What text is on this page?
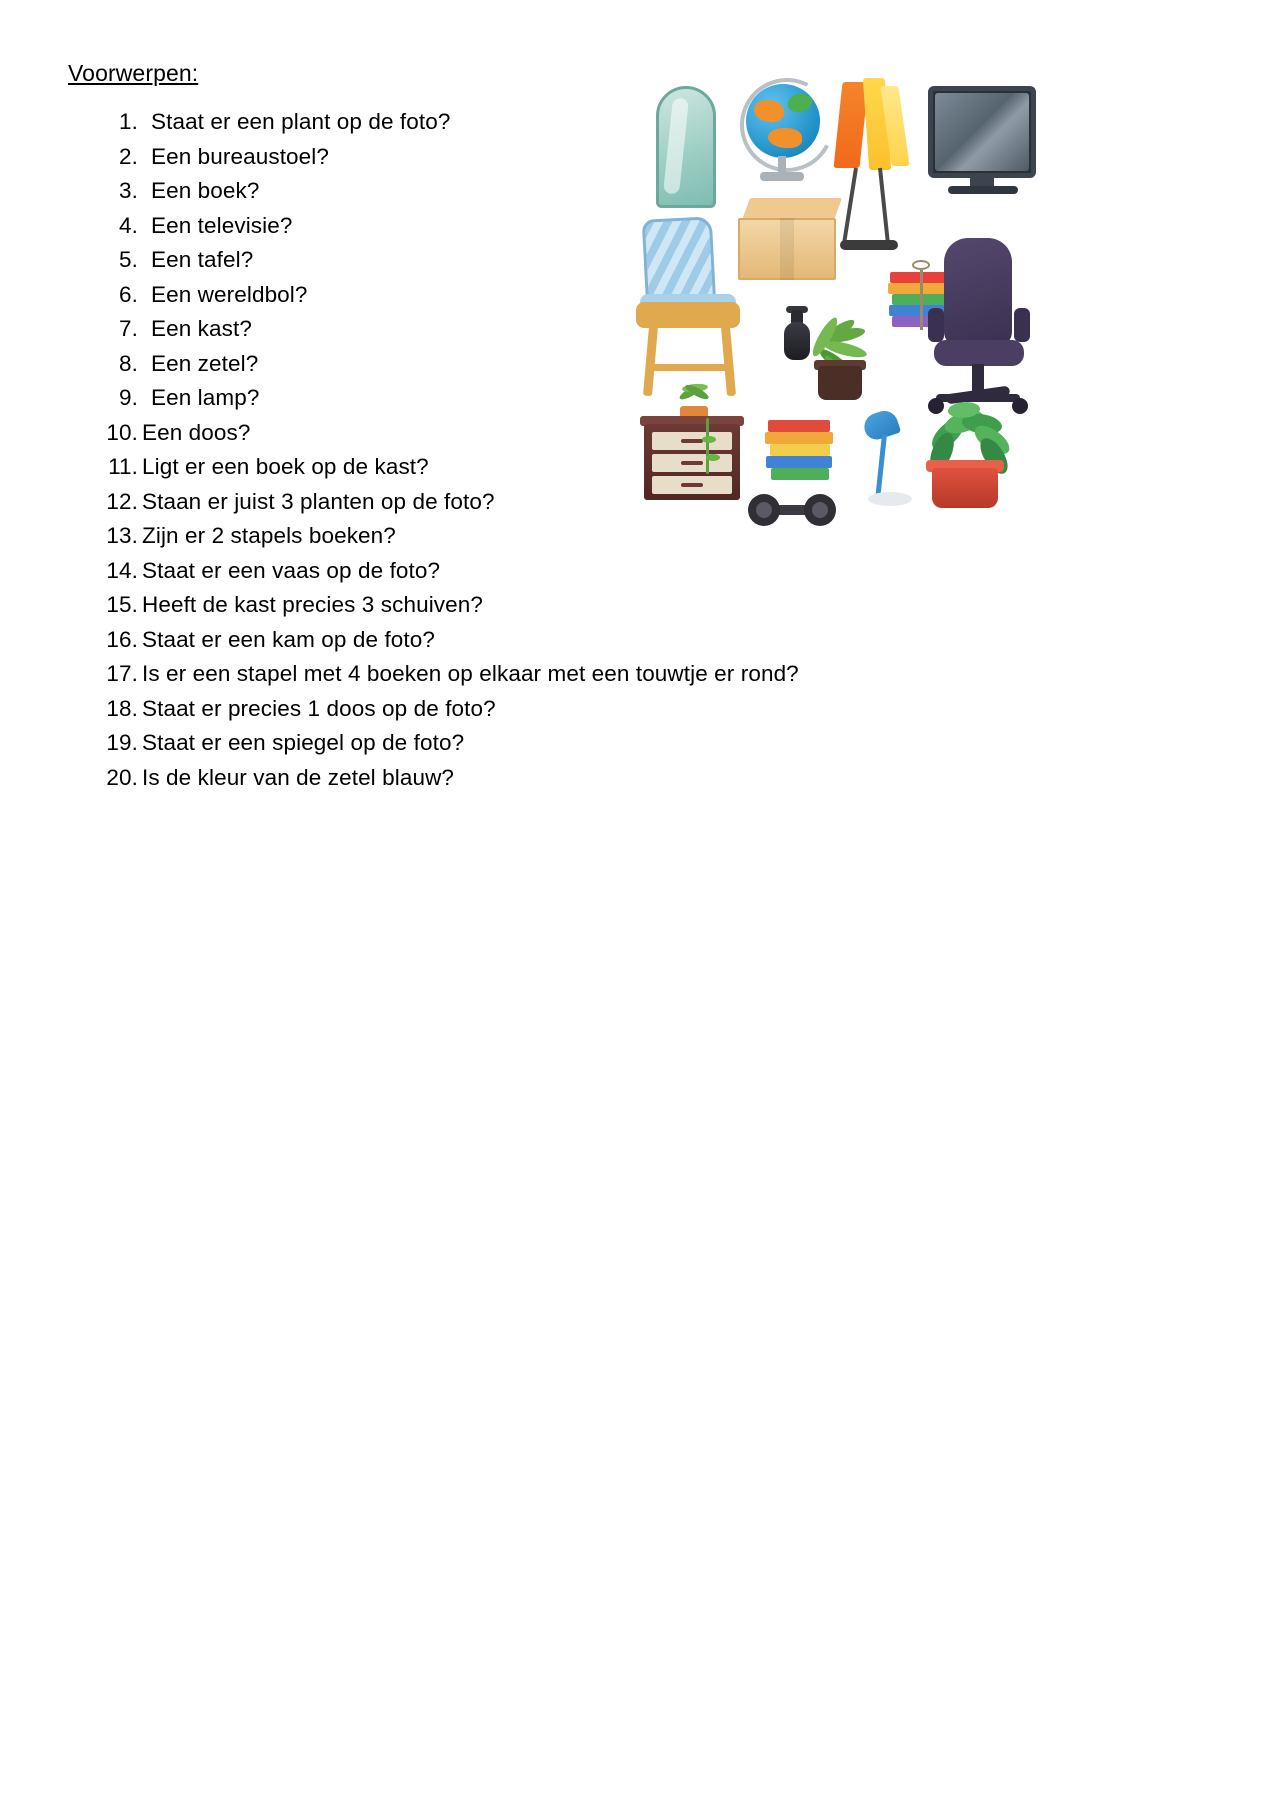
Voorwerpen:
1. Staat er een plant op de foto?
2. Een bureaustoel?
3. Een boek?
4. Een televisie?
5. Een tafel?
6. Een wereldbol?
7. Een kast?
8. Een zetel?
9. Een lamp?
10. Een doos?
11. Ligt er een boek op de kast?
12. Staan er juist 3 planten op de foto?
13. Zijn er 2 stapels boeken?
14. Staat er een vaas op de foto?
15. Heeft de kast precies 3 schuiven?
16. Staat er een kam op de foto?
17. Is er een stapel met 4 boeken op elkaar met een touwtje er rond?
18. Staat er precies 1 doos op de foto?
19. Staat er een spiegel op de foto?
20. Is de kleur van de zetel blauw?
